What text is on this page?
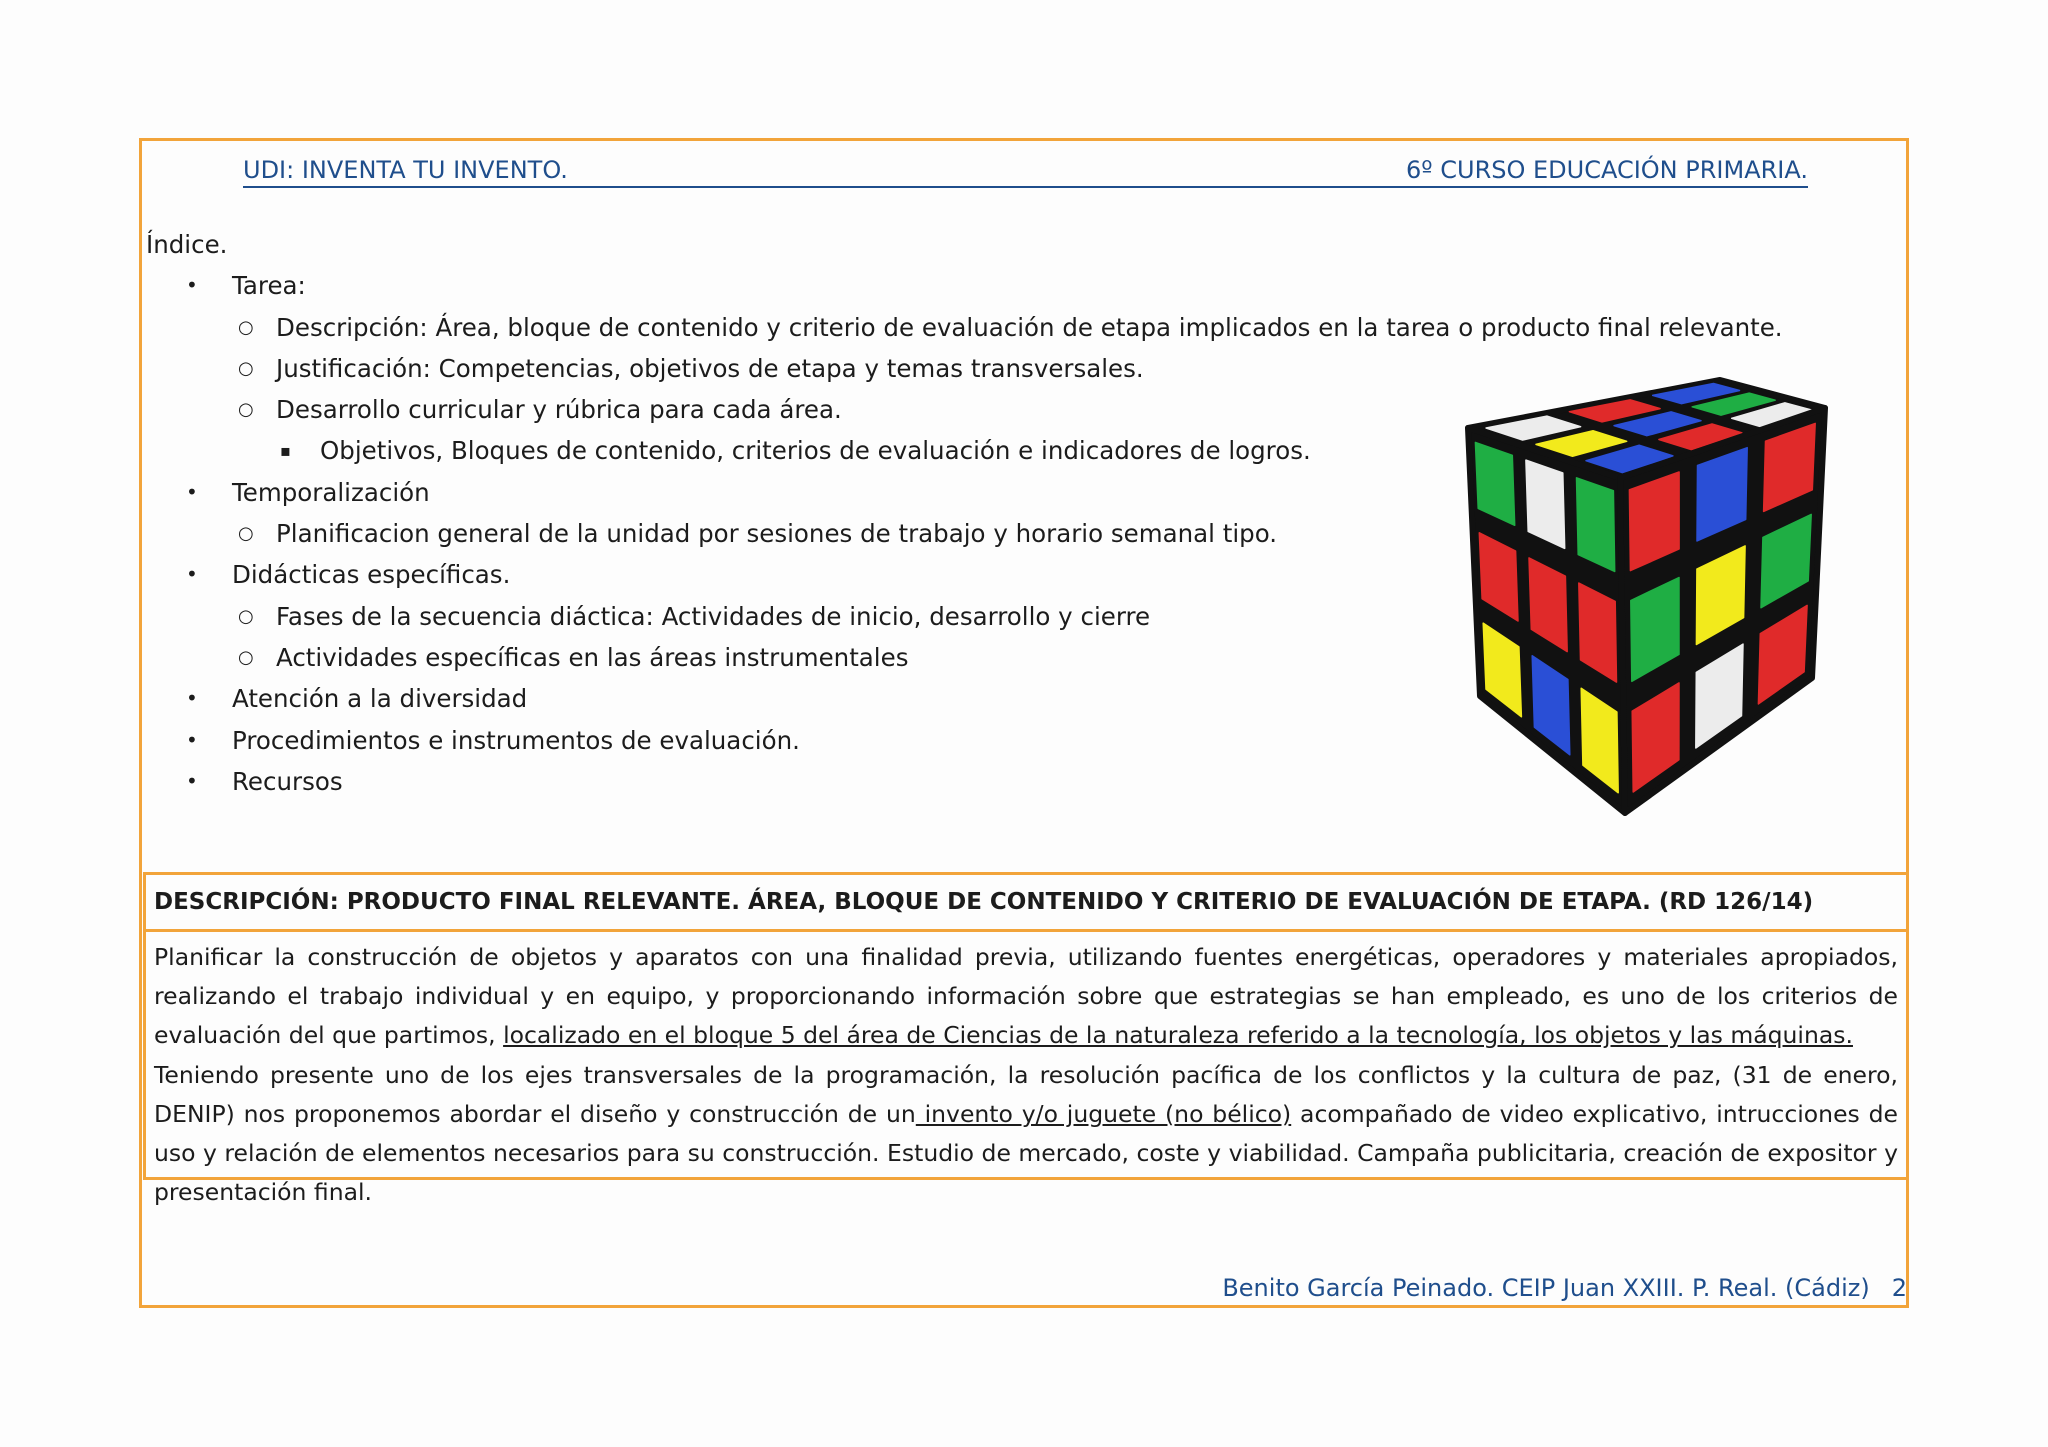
UDI: INVENTA TU INVENTO.	6º CURSO EDUCACIÓN PRIMARIA.
Índice.
• Tarea:
○ Descripción: Área, bloque de contenido y criterio de evaluación de etapa implicados en la tarea o producto final relevante.
○ Justificación: Competencias, objetivos de etapa y temas transversales.
○ Desarrollo curricular y rúbrica para cada área.
▪ Objetivos, Bloques de contenido, criterios de evaluación e indicadores de logros.
• Temporalización
○ Planificacion general de la unidad por sesiones de trabajo y horario semanal tipo.
• Didácticas específicas.
○ Fases de la secuencia diáctica: Actividades de inicio, desarrollo y cierre
○ Actividades específicas en las áreas instrumentales
• Atención a la diversidad
• Procedimientos e instrumentos de evaluación.
• Recursos
DESCRIPCIÓN: PRODUCTO FINAL RELEVANTE. ÁREA, BLOQUE DE CONTENIDO Y CRITERIO DE EVALUACIÓN DE ETAPA. (RD 126/14)

Planificar la construcción de objetos y aparatos con una finalidad previa, utilizando fuentes energéticas, operadores y materiales apropiados, realizando el trabajo individual y en equipo, y proporcionando información sobre que estrategias se han empleado, es uno de los criterios de evaluación del que partimos, localizado en el bloque 5 del área de Ciencias de la naturaleza referido a la tecnología, los objetos y las máquinas.

Teniendo presente uno de los ejes transversales de la programación, la resolución pacífica de los conflictos y la cultura de paz, (31 de enero, DENIP) nos proponemos abordar el diseño y construcción de un invento y/o juguete (no bélico) acompañado de video explicativo, intrucciones de uso y relación de elementos necesarios para su construcción. Estudio de mercado, coste y viabilidad. Campaña publicitaria, creación de expositor y presentación final.

Benito García Peinado. CEIP Juan XXIII. P. Real. (Cádiz) 2
